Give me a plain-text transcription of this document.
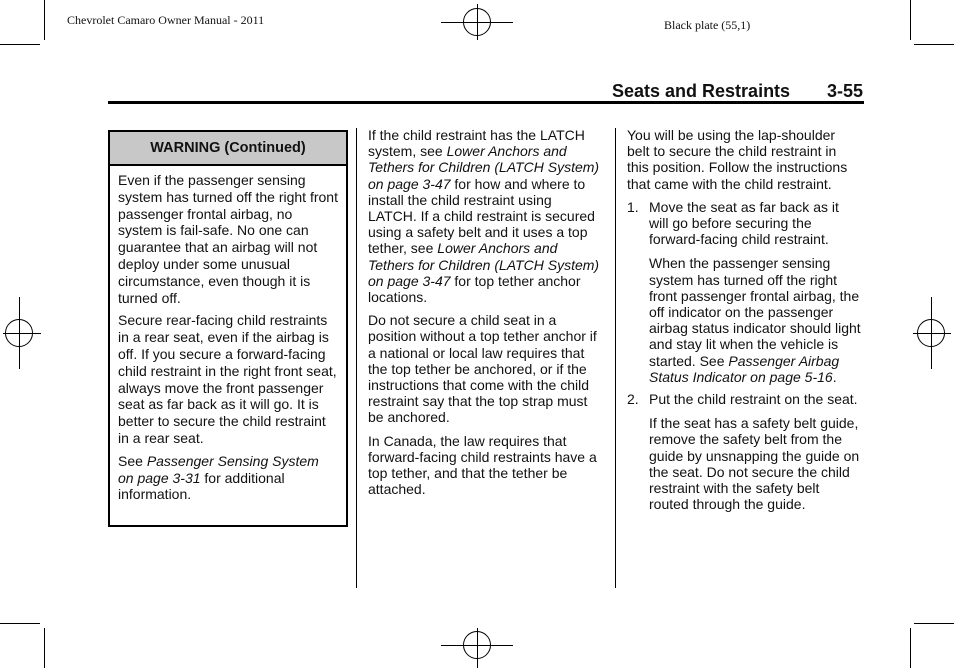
Chevrolet Camaro Owner Manual - 2011	Black plate (55,1)
Seats and Restraints 3-55
WARNING (Continued)

Even if the passenger sensing system has turned off the right front passenger frontal airbag, no system is fail-safe. No one can guarantee that an airbag will not deploy under some unusual circumstance, even though it is turned off.

Secure rear-facing child restraints in a rear seat, even if the airbag is off. If you secure a forward-facing child restraint in the right front seat, always move the front passenger seat as far back as it will go. It is better to secure the child restraint in a rear seat.

See Passenger Sensing System on page 3-31 for additional information.

If the child restraint has the LATCH system, see Lower Anchors and Tethers for Children (LATCH System) on page 3-47 for how and where to install the child restraint using LATCH. If a child restraint is secured using a safety belt and it uses a top tether, see Lower Anchors and Tethers for Children (LATCH System) on page 3-47 for top tether anchor locations.

Do not secure a child seat in a position without a top tether anchor if a national or local law requires that the top tether be anchored, or if the instructions that come with the child restraint say that the top strap must be anchored.

In Canada, the law requires that forward-facing child restraints have a top tether, and that the tether be attached.

You will be using the lap-shoulder belt to secure the child restraint in this position. Follow the instructions that came with the child restraint.

1. Move the seat as far back as it will go before securing the forward-facing child restraint.

When the passenger sensing system has turned off the right front passenger frontal airbag, the off indicator on the passenger airbag status indicator should light and stay lit when the vehicle is started. See Passenger Airbag Status Indicator on page 5-16.

2. Put the child restraint on the seat.

If the seat has a safety belt guide, remove the safety belt from the guide by unsnapping the guide on the seat. Do not secure the child restraint with the safety belt routed through the guide.
